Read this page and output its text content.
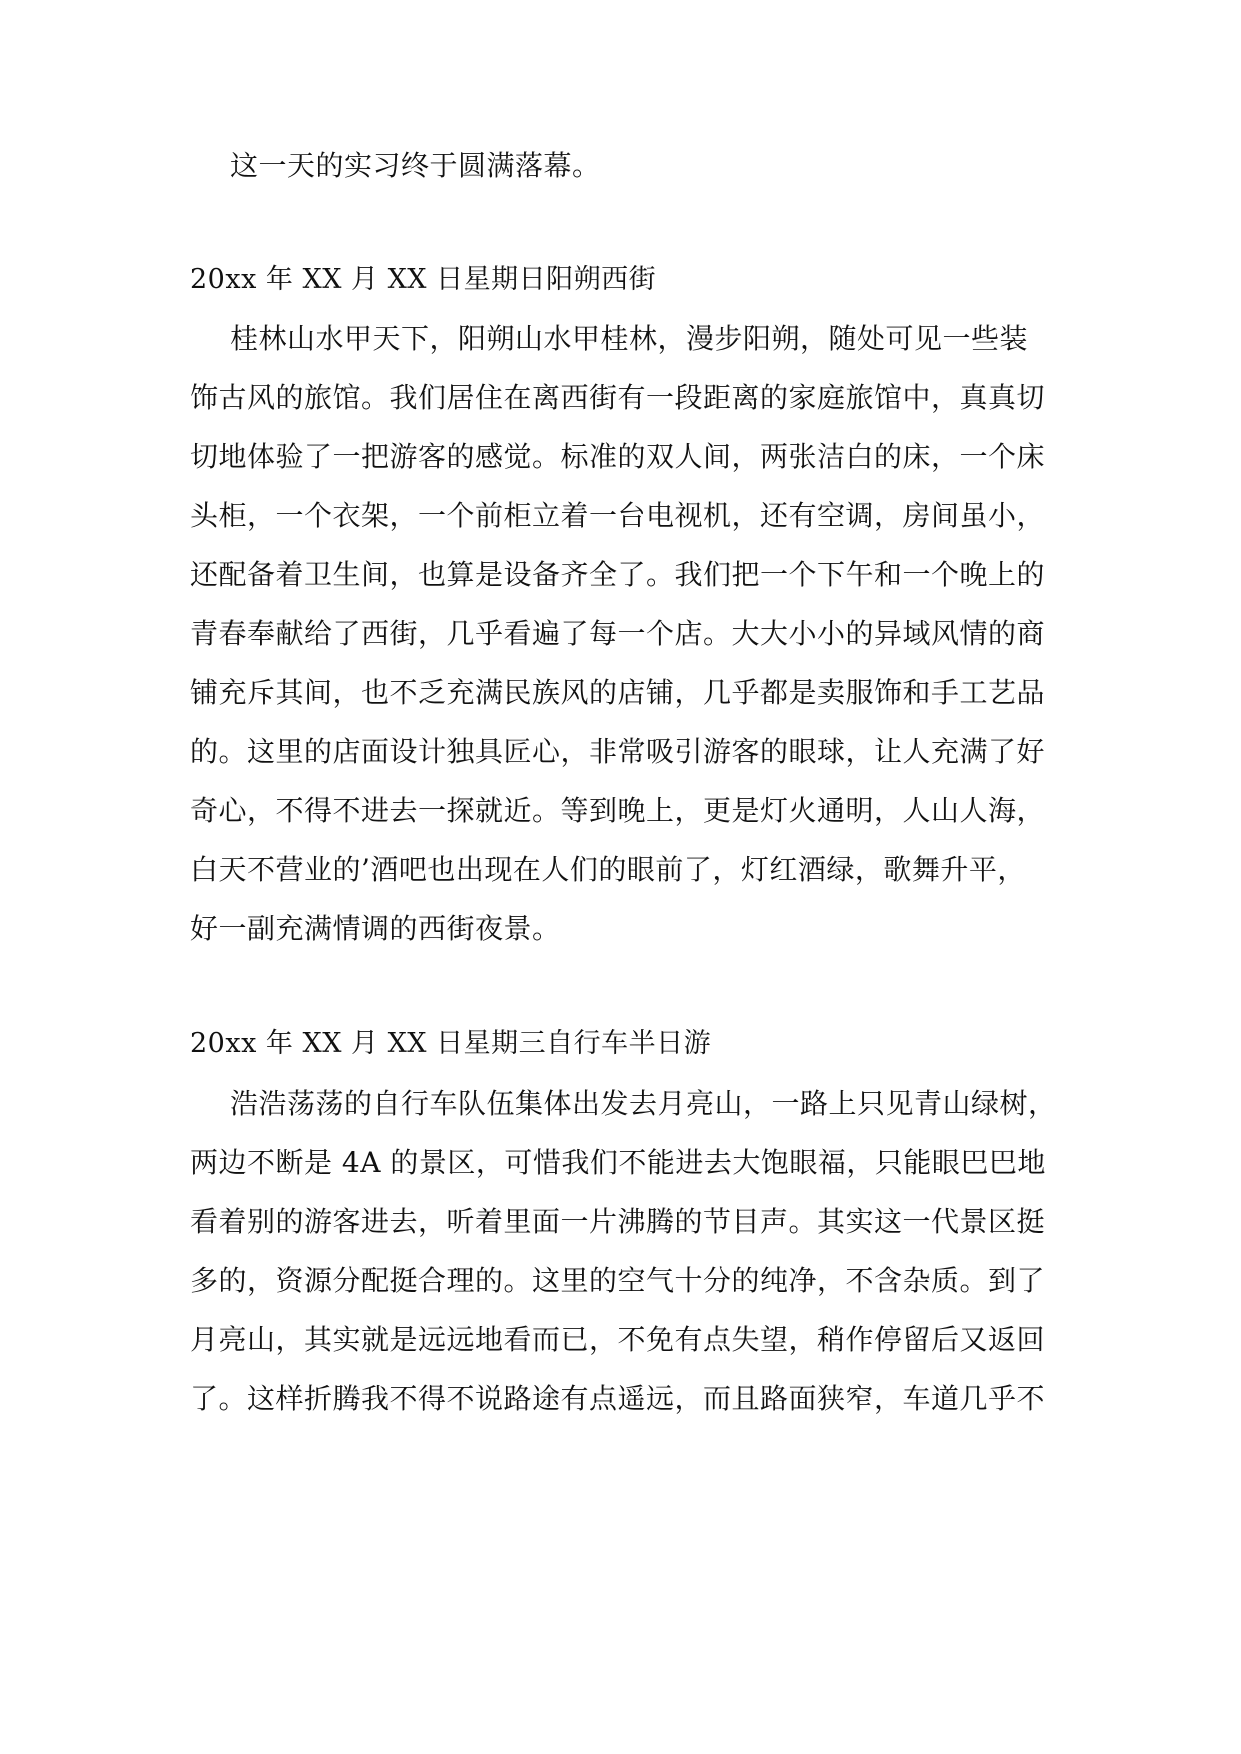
这一天的实习终于圆满落幕。
20xx 年 XX 月 XX 日星期日阳朔西街
桂林山水甲天下，阳朔山水甲桂林，漫步阳朔，随处可见一些装
饰古风的旅馆。我们居住在离西街有一段距离的家庭旅馆中，真真切
切地体验了一把游客的感觉。标准的双人间，两张洁白的床，一个床
头柜，一个衣架，一个前柜立着一台电视机，还有空调，房间虽小，
还配备着卫生间，也算是设备齐全了。我们把一个下午和一个晚上的
青春奉献给了西街，几乎看遍了每一个店。大大小小的异域风情的商
铺充斥其间，也不乏充满民族风的店铺，几乎都是卖服饰和手工艺品
的。这里的店面设计独具匠心，非常吸引游客的眼球，让人充满了好
奇心，不得不进去一探就近。等到晚上，更是灯火通明，人山人海，
白天不营业的’酒吧也出现在人们的眼前了，灯红酒绿，歌舞升平，
好一副充满情调的西街夜景。
20xx 年 XX 月 XX 日星期三自行车半日游
浩浩荡荡的自行车队伍集体出发去月亮山，一路上只见青山绿树，
两边不断是 4A 的景区，可惜我们不能进去大饱眼福，只能眼巴巴地
看着别的游客进去，听着里面一片沸腾的节目声。其实这一代景区挺
多的，资源分配挺合理的。这里的空气十分的纯净，不含杂质。到了
月亮山，其实就是远远地看而已，不免有点失望，稍作停留后又返回
了。这样折腾我不得不说路途有点遥远，而且路面狭窄，车道几乎不
